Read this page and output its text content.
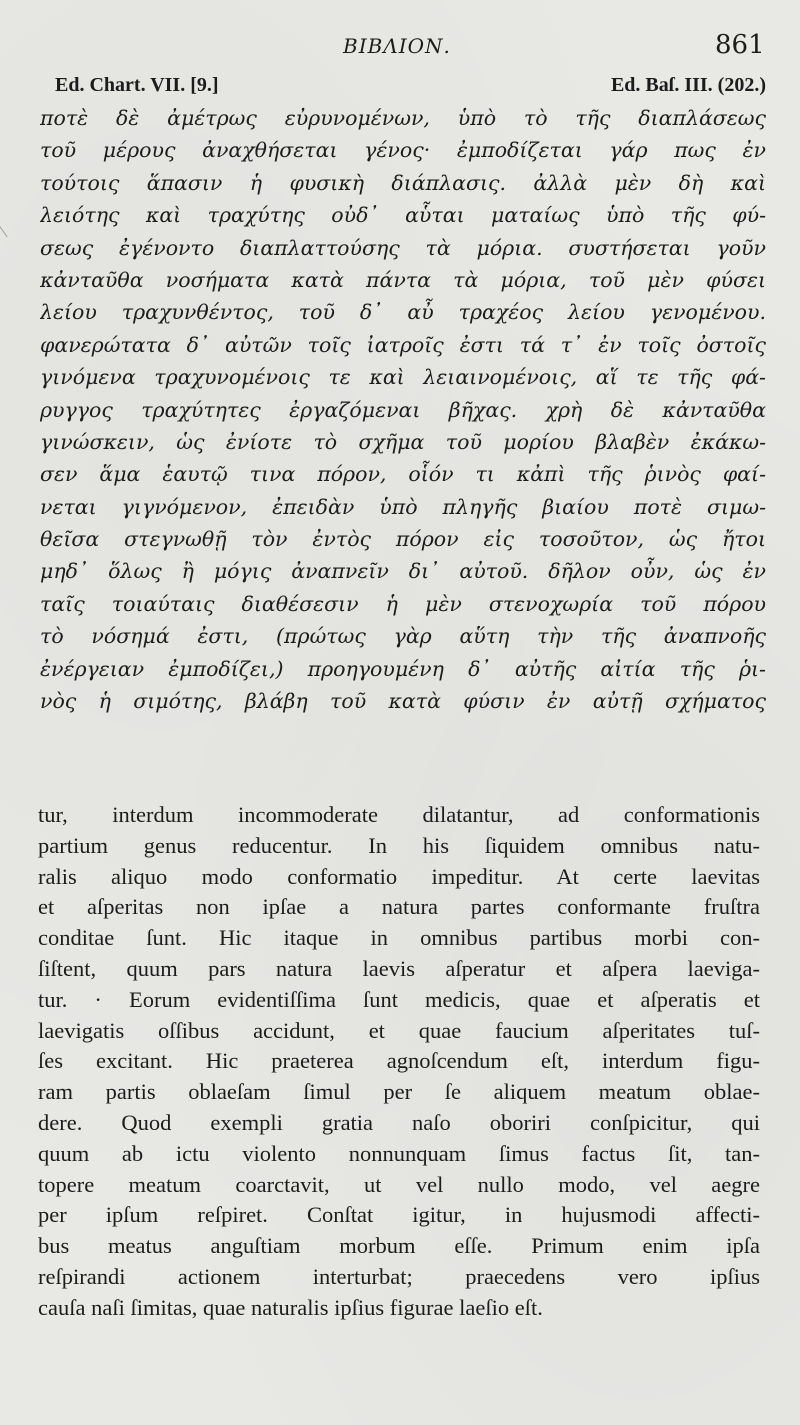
BIBΛΙΟΝ.	861
Ed. Chart. VII. [9.]	Ed. Baſ. III. (202.)
ποτὲ δὲ ἀμέτρως εὐρυνομένων, ὑπὸ τὸ τῆς διαπλάσεως
τοῦ μέρους ἀναχθήσεται γένος· ἐμποδίζεται γάρ πως ἐν
τούτοις ἅπασιν ἡ φυσικὴ διάπλασις. ἀλλὰ μὲν δὴ καὶ
λειότης καὶ τραχύτης οὐδ᾽ αὗται ματαίως ὑπὸ τῆς φύ-
σεως ἐγένοντο διαπλαττούσης τὰ μόρια. συστήσεται γοῦν
κἀνταῦθα νοσήματα κατὰ πάντα τὰ μόρια, τοῦ μὲν φύσει
λείου τραχυνθέντος, τοῦ δ᾽ αὖ τραχέος λείου γενομένου.
φανερώτατα δ᾽ αὐτῶν τοῖς ἰατροῖς ἐστι τά τ᾽ ἐν τοῖς ὀστοῖς
γινόμενα τραχυνομένοις τε καὶ λειαινομένοις, αἵ τε τῆς φά-
ρυγγος τραχύτητες ἐργαζόμεναι βῆχας. χρὴ δὲ κἀνταῦθα
γινώσκειν, ὡς ἐνίοτε τὸ σχῆμα τοῦ μορίου βλαβὲν ἐκάκω-
σεν ἅμα ἑαυτῷ τινα πόρον, οἷόν τι κἀπὶ τῆς ῥινὸς φαί-
νεται γιγνόμενον, ἐπειδὰν ὑπὸ πληγῆς βιαίου ποτὲ σιμω-
θεῖσα στεγνωθῇ τὸν ἐντὸς πόρον εἰς τοσοῦτον, ὡς ἤτοι
μηδ᾽ ὅλως ἢ μόγις ἀναπνεῖν δι᾽ αὐτοῦ. δῆλον οὖν, ὡς ἐν
ταῖς τοιαύταις διαθέσεσιν ἡ μὲν στενοχωρία τοῦ πόρου
τὸ νόσημά ἐστι, (πρώτως γὰρ αὕτη τὴν τῆς ἀναπνοῆς
ἐνέργειαν ἐμποδίζει,) προηγουμένη δ᾽ αὐτῆς αἰτία τῆς ῥι-
νὸς ἡ σιμότης, βλάβη τοῦ κατὰ φύσιν ἐν αὐτῇ σχήματος
tur, interdum incommoderate dilatantur, ad conformationis
partium genus reducentur. In his ſiquidem omnibus natu-
ralis aliquo modo conformatio impeditur. At certe laevitas
et aſperitas non ipſae a natura partes conformante fruſtra
conditae ſunt. Hic itaque in omnibus partibus morbi con-
ſiſtent, quum pars natura laevis aſperatur et aſpera laeviga-
tur. · Eorum evidentiſſima ſunt medicis, quae et aſperatis et
laevigatis oſſibus accidunt, et quae faucium aſperitates tuſ-
ſes excitant. Hic praeterea agnoſcendum eſt, interdum figu-
ram partis oblaeſam ſimul per ſe aliquem meatum oblae-
dere. Quod exempli gratia naſo oboriri conſpicitur, qui
quum ab ictu violento nonnunquam ſimus factus ſit, tan-
topere meatum coarctavit, ut vel nullo modo, vel aegre
per ipſum reſpiret. Conſtat igitur, in hujusmodi affecti-
bus meatus anguſtiam morbum eſſe. Primum enim ipſa
reſpirandi actionem interturbat; praecedens vero ipſius
cauſa naſi ſimitas, quae naturalis ipſius figurae laeſio eſt.
